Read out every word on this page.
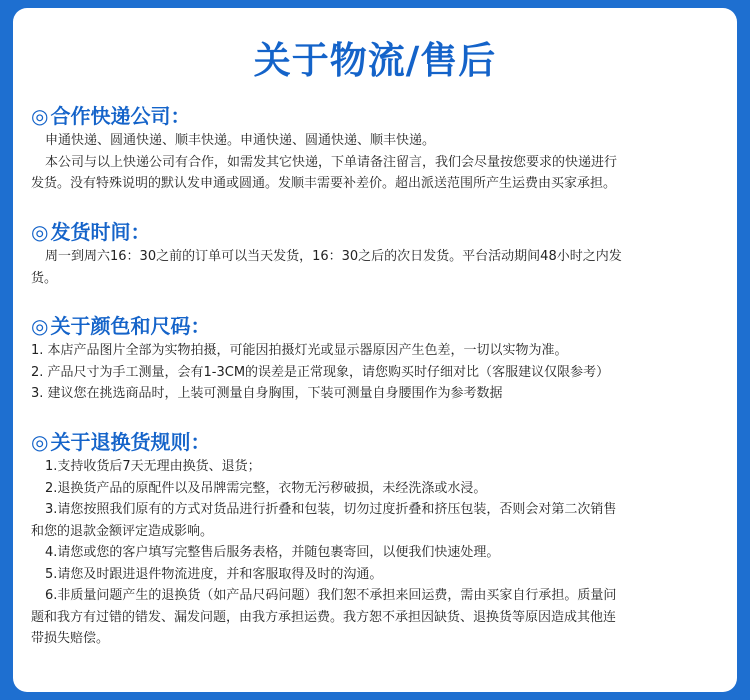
关于物流/售后
◎ 合作快递公司：
申通快递、圆通快递、顺丰快递。申通快递、圆通快递、顺丰快递。
本公司与以上快递公司有合作，如需发其它快递，下单请备注留言，我们会尽量按您要求的快递进行
发货。没有特殊说明的默认发申通或圆通。发顺丰需要补差价。超出派送范围所产生运费由买家承担。
◎ 发货时间：
周一到周六16：30之前的订单可以当天发货，16：30之后的次日发货。平台活动期间48小时之内发
货。
◎ 关于颜色和尺码：
1. 本店产品图片全部为实物拍摄，可能因拍摄灯光或显示器原因产生色差，一切以实物为准。
2. 产品尺寸为手工测量，会有1-3CM的误差是正常现象，请您购买时仔细对比（客服建议仅限参考）
3. 建议您在挑选商品时，上装可测量自身胸围，下装可测量自身腰围作为参考数据
◎ 关于退换货规则：
1.支持收货后7天无理由换货、退货；
2.退换货产品的原配件以及吊牌需完整，衣物无污秽破损，未经洗涤或水浸。
3.请您按照我们原有的方式对货品进行折叠和包装，切勿过度折叠和挤压包装，否则会对第二次销售
和您的退款金额评定造成影响。
4.请您或您的客户填写完整售后服务表格，并随包裹寄回，以便我们快速处理。
5.请您及时跟进退件物流进度，并和客服取得及时的沟通。
6.非质量问题产生的退换货（如产品尺码问题）我们恕不承担来回运费，需由买家自行承担。质量问
题和我方有过错的错发、漏发问题，由我方承担运费。我方恕不承担因缺货、退换货等原因造成其他连
带损失赔偿。
